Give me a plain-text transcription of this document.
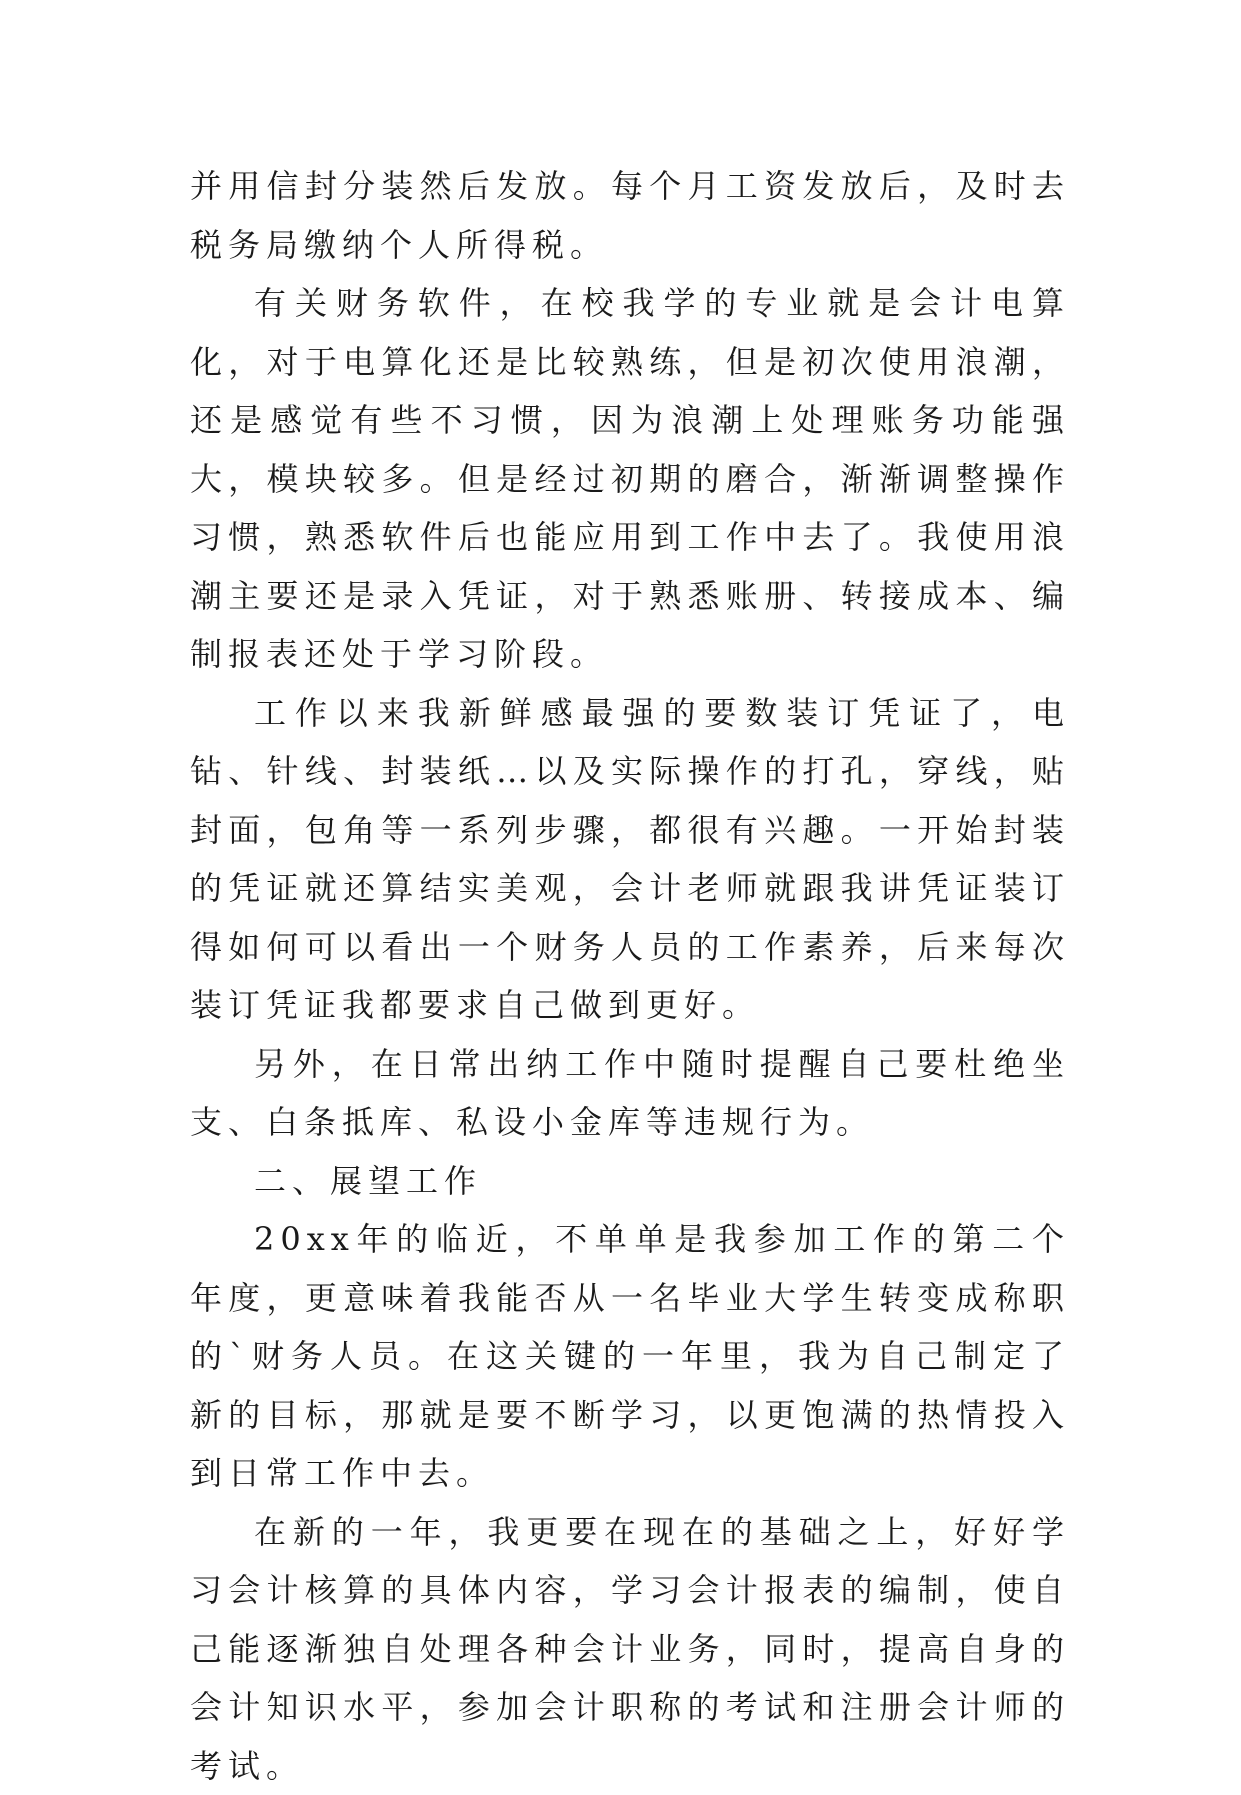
并用信封分装然后发放。每个月工资发放后，及时去税务局缴纳个人所得税。

有关财务软件，在校我学的专业就是会计电算化，对于电算化还是比较熟练，但是初次使用浪潮，还是感觉有些不习惯，因为浪潮上处理账务功能强大，模块较多。但是经过初期的磨合，渐渐调整操作习惯，熟悉软件后也能应用到工作中去了。我使用浪潮主要还是录入凭证，对于熟悉账册、转接成本、编制报表还处于学习阶段。

工作以来我新鲜感最强的要数装订凭证了，电钻、针线、封装纸…以及实际操作的打孔，穿线，贴封面，包角等一系列步骤，都很有兴趣。一开始封装的凭证就还算结实美观，会计老师就跟我讲凭证装订得如何可以看出一个财务人员的工作素养，后来每次装订凭证我都要求自己做到更好。

另外，在日常出纳工作中随时提醒自己要杜绝坐支、白条抵库、私设小金库等违规行为。

二、展望工作

20xx年的临近，不单单是我参加工作的第二个年度，更意味着我能否从一名毕业大学生转变成称职的`财务人员。在这关键的一年里，我为自己制定了新的目标，那就是要不断学习，以更饱满的热情投入到日常工作中去。

在新的一年，我更要在现在的基础之上，好好学习会计核算的具体内容，学习会计报表的编制，使自己能逐渐独自处理各种会计业务，同时，提高自身的会计知识水平，参加会计职称的考试和注册会计师的考试。
